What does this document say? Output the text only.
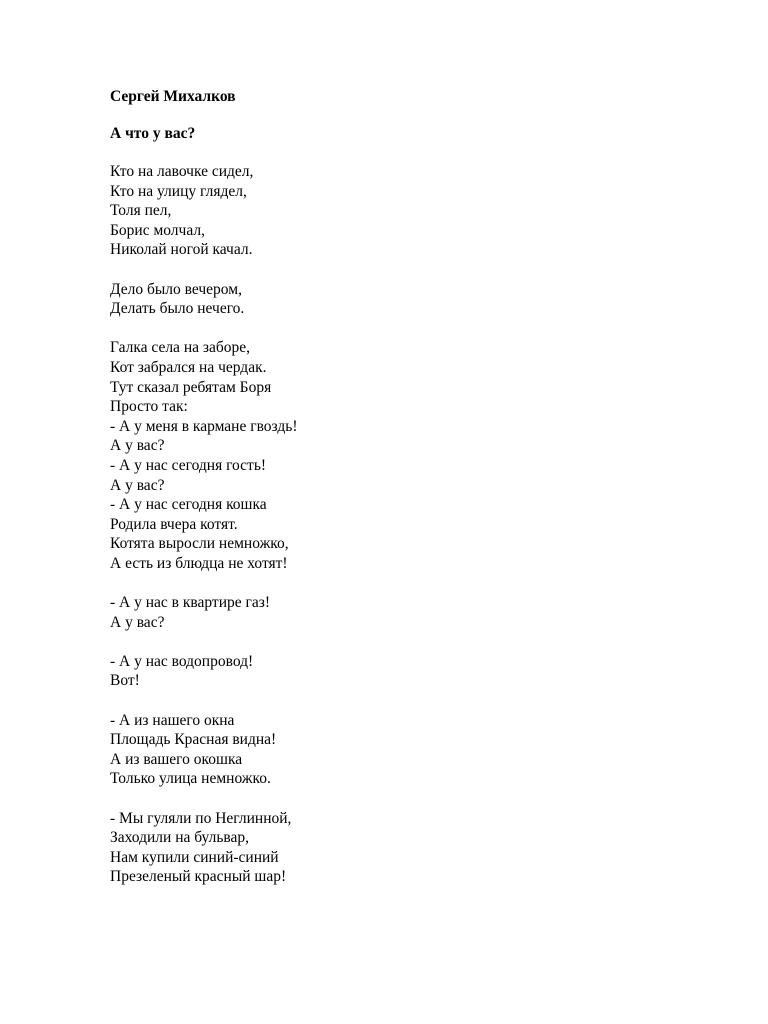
Сергей Михалков

А что у вас?

Кто на лавочке сидел,
Кто на улицу глядел,
Толя пел,
Борис молчал,
Николай ногой качал.
Дело было вечером,
Делать было нечего.
Галка села на заборе,
Кот забрался на чердак.
Тут сказал ребятам Боря
Просто так:
- А у меня в кармане гвоздь!
А у вас?
- А у нас сегодня гость!
А у вас?
- А у нас сегодня кошка
Родила вчера котят.
Котята выросли немножко,
А есть из блюдца не хотят!
- А у нас в квартире газ!
А у вас?
- А у нас водопровод!
Вот!
- А из нашего окна
Площадь Красная видна!
А из вашего окошка
Только улица немножко.
- Мы гуляли по Неглинной,
Заходили на бульвар,
Нам купили синий-синий
Презеленый красный шар!
